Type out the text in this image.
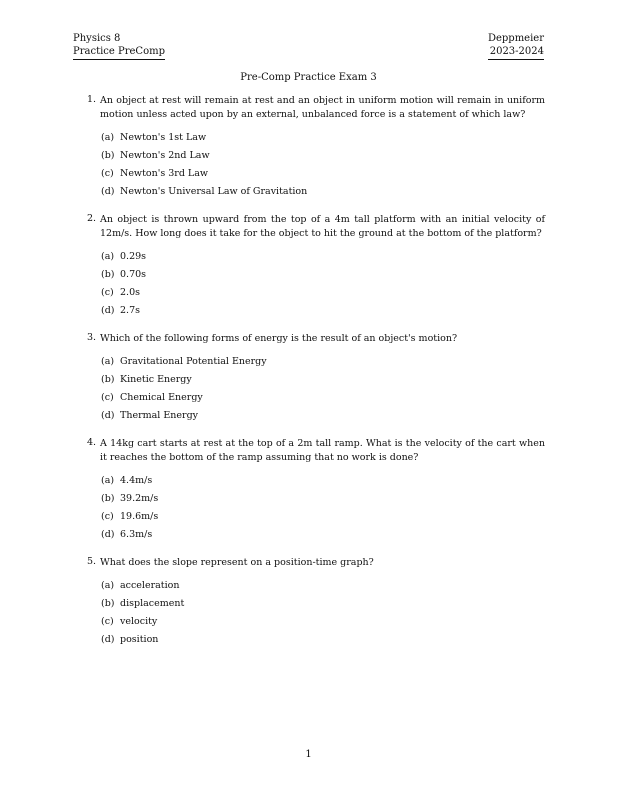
Physics 8
Practice PreComp
Deppmeier
2023-2024
Pre-Comp Practice Exam 3
1. An object at rest will remain at rest and an object in uniform motion will remain in uniform motion unless acted upon by an external, unbalanced force is a statement of which law?
(a) Newton's 1st Law
(b) Newton's 2nd Law
(c) Newton's 3rd Law
(d) Newton's Universal Law of Gravitation
2. An object is thrown upward from the top of a 4m tall platform with an initial velocity of 12m/s. How long does it take for the object to hit the ground at the bottom of the platform?
(a) 0.29s
(b) 0.70s
(c) 2.0s
(d) 2.7s
3. Which of the following forms of energy is the result of an object's motion?
(a) Gravitational Potential Energy
(b) Kinetic Energy
(c) Chemical Energy
(d) Thermal Energy
4. A 14kg cart starts at rest at the top of a 2m tall ramp. What is the velocity of the cart when it reaches the bottom of the ramp assuming that no work is done?
(a) 4.4m/s
(b) 39.2m/s
(c) 19.6m/s
(d) 6.3m/s
5. What does the slope represent on a position-time graph?
(a) acceleration
(b) displacement
(c) velocity
(d) position
1
